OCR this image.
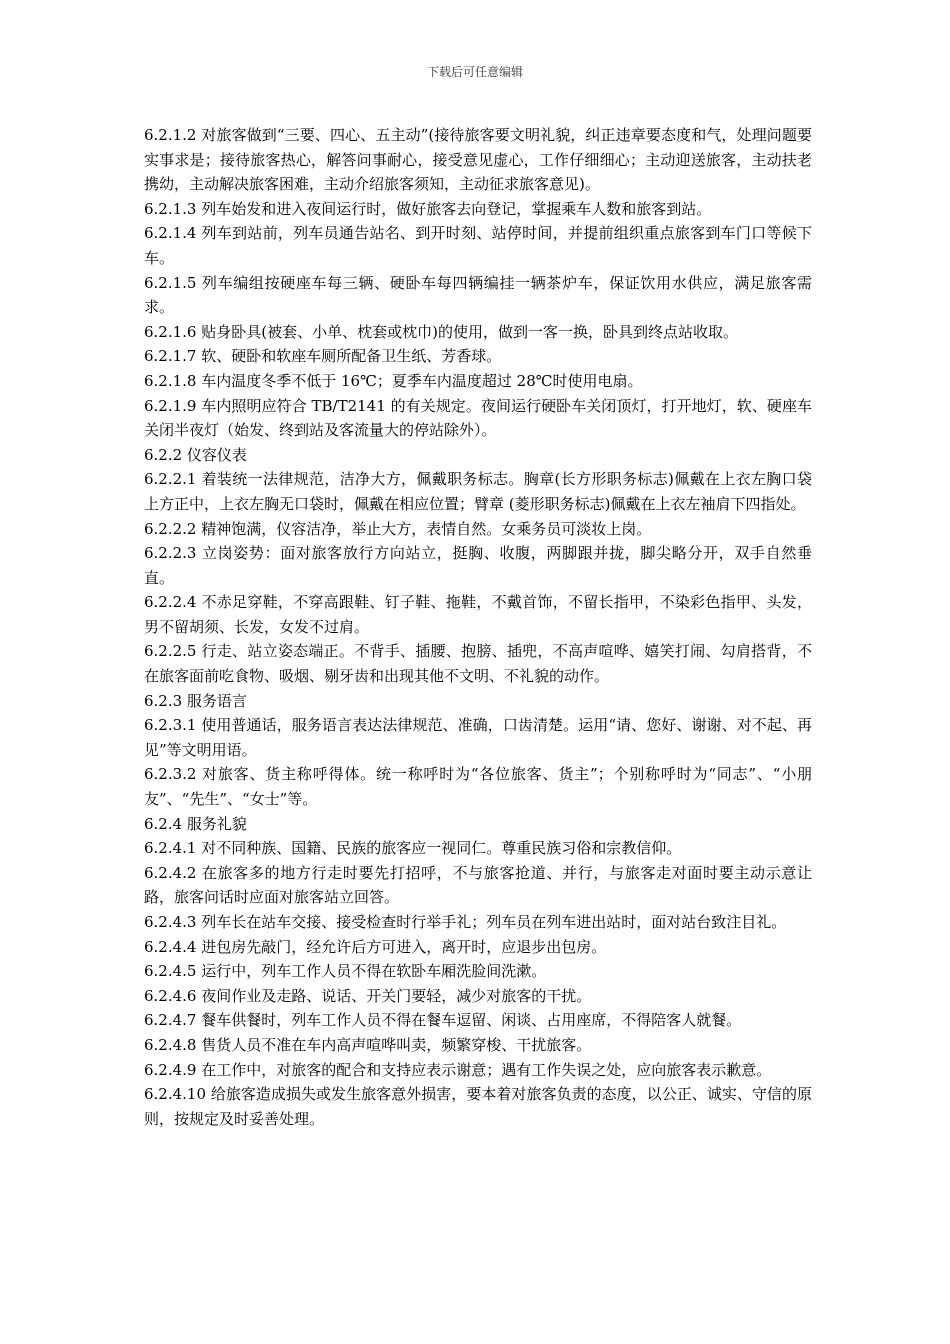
下载后可任意编辑

6.2.1.2 对旅客做到“三要、四心、五主动”(接待旅客要文明礼貌，纠正违章要态度和气，处理问题要实事求是；接待旅客热心，解答问事耐心，接受意见虚心，工作仔细细心；主动迎送旅客，主动扶老携幼，主动解决旅客困难，主动介绍旅客须知，主动征求旅客意见)。

6.2.1.3 列车始发和进入夜间运行时，做好旅客去向登记，掌握乘车人数和旅客到站。

6.2.1.4 列车到站前，列车员通告站名、到开时刻、站停时间，并提前组织重点旅客到车门口等候下车。

6.2.1.5 列车编组按硬座车每三辆、硬卧车每四辆编挂一辆茶炉车，保证饮用水供应，满足旅客需求。

6.2.1.6 贴身卧具(被套、小单、枕套或枕巾)的使用，做到一客一换，卧具到终点站收取。

6.2.1.7 软、硬卧和软座车厕所配备卫生纸、芳香球。

6.2.1.8 车内温度冬季不低于 16℃；夏季车内温度超过 28℃时使用电扇。

6.2.1.9 车内照明应符合 TB/T2141 的有关规定。夜间运行硬卧车关闭顶灯，打开地灯，软、硬座车关闭半夜灯（始发、终到站及客流量大的停站除外）。

6.2.2 仪容仪表

6.2.2.1 着装统一法律规范，洁净大方，佩戴职务标志。胸章(长方形职务标志)佩戴在上衣左胸口袋上方正中，上衣左胸无口袋时，佩戴在相应位置；臂章 (菱形职务标志)佩戴在上衣左袖肩下四指处。

6.2.2.2 精神饱满，仪容洁净，举止大方，表情自然。女乘务员可淡妆上岗。

6.2.2.3 立岗姿势：面对旅客放行方向站立，挺胸、收腹，两脚跟并拢，脚尖略分开，双手自然垂直。

6.2.2.4 不赤足穿鞋，不穿高跟鞋、钉子鞋、拖鞋，不戴首饰，不留长指甲，不染彩色指甲、头发，男不留胡须、长发，女发不过肩。

6.2.2.5 行走、站立姿态端正。不背手、插腰、抱膀、插兜，不高声喧哗、嬉笑打闹、勾肩搭背，不在旅客面前吃食物、吸烟、剔牙齿和出现其他不文明、不礼貌的动作。

6.2.3 服务语言

6.2.3.1 使用普通话，服务语言表达法律规范、准确，口齿清楚。运用“请、您好、谢谢、对不起、再见”等文明用语。

6.2.3.2 对旅客、货主称呼得体。统一称呼时为“各位旅客、货主”；个别称呼时为“同志”、“小朋友”、“先生”、“女士”等。

6.2.4 服务礼貌

6.2.4.1 对不同种族、国籍、民族的旅客应一视同仁。尊重民族习俗和宗教信仰。

6.2.4.2 在旅客多的地方行走时要先打招呼，不与旅客抢道、并行，与旅客走对面时要主动示意让路，旅客问话时应面对旅客站立回答。

6.2.4.3 列车长在站车交接、接受检查时行举手礼；列车员在列车进出站时，面对站台致注目礼。

6.2.4.4 进包房先敲门，经允许后方可进入，离开时，应退步出包房。

6.2.4.5 运行中，列车工作人员不得在软卧车厢洗脸间洗漱。

6.2.4.6 夜间作业及走路、说话、开关门要轻，减少对旅客的干扰。

6.2.4.7 餐车供餐时，列车工作人员不得在餐车逗留、闲谈、占用座席，不得陪客人就餐。

6.2.4.8 售货人员不准在车内高声喧哗叫卖，频繁穿梭、干扰旅客。

6.2.4.9 在工作中，对旅客的配合和支持应表示谢意；遇有工作失误之处，应向旅客表示歉意。

6.2.4.10 给旅客造成损失或发生旅客意外损害，要本着对旅客负责的态度，以公正、诚实、守信的原则，按规定及时妥善处理。
